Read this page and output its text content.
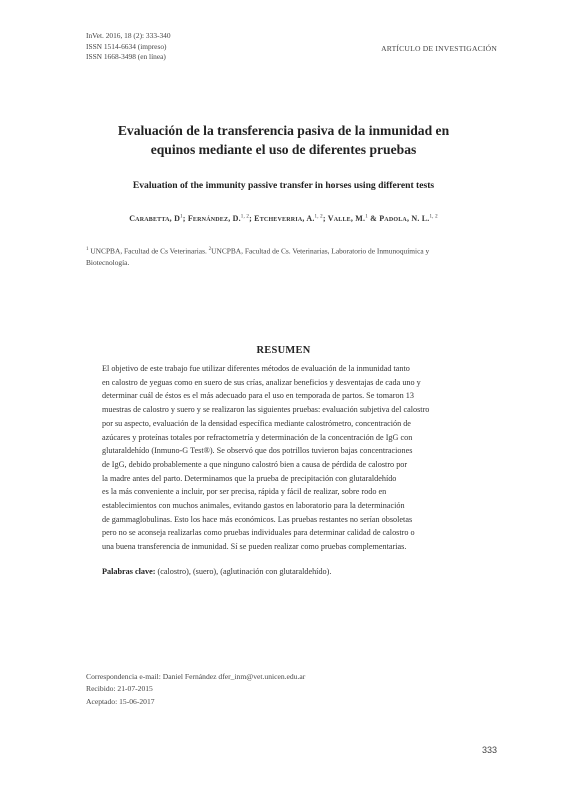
InVet. 2016, 18 (2): 333-340
ISSN 1514-6634 (impreso)
ISSN 1668-3498 (en línea)
ARTÍCULO DE INVESTIGACIÓN
Evaluación de la transferencia pasiva de la inmunidad en
equinos mediante el uso de diferentes pruebas
Evaluation of the immunity passive transfer in horses using different tests
Carabetta, $D^1$; Fernández, D.$^{1, 2}$; Etcheverria, A.$^{1, 2}$; Valle, M.$^1$ & Padola, N. L.$^{1, 2}$
$^1$ UNCPBA, Facultad de Cs Veterinarias. $^2$UNCPBA, Facultad de Cs. Veterinarias, Laboratorio de Inmunoquímica y
Biotecnología.
RESUMEN
El objetivo de este trabajo fue utilizar diferentes métodos de evaluación de la inmunidad tanto
en calostro de yeguas como en suero de sus crías, analizar beneficios y desventajas de cada uno y
determinar cuál de éstos es el más adecuado para el uso en temporada de partos. Se tomaron 13
muestras de calostro y suero y se realizaron las siguientes pruebas: evaluación subjetiva del calostro
por su aspecto, evaluación de la densidad específica mediante calostrómetro, concentración de
azúcares y proteínas totales por refractometría y determinación de la concentración de IgG con
glutaraldehído (Inmuno-G Test®). Se observó que dos potrillos tuvieron bajas concentraciones
de IgG, debido probablemente a que ninguno calostró bien a causa de pérdida de calostro por
la madre antes del parto. Determinamos que la prueba de precipitación con glutaraldehído
es la más conveniente a incluir, por ser precisa, rápida y fácil de realizar, sobre rodo en
establecimientos con muchos animales, evitando gastos en laboratorio para la determinación
de gammaglobulinas. Esto los hace más económicos. Las pruebas restantes no serían obsoletas
pero no se aconseja realizarlas como pruebas individuales para determinar calidad de calostro o
una buena transferencia de inmunidad. Sí se pueden realizar como pruebas complementarias.
Palabras clave: (calostro), (suero), (aglutinación con glutaraldehído).
Correspondencia e-mail: Daniel Fernández dfer_inm@vet.unicen.edu.ar
Recibido: 21-07-2015
Aceptado: 15-06-2017
333
